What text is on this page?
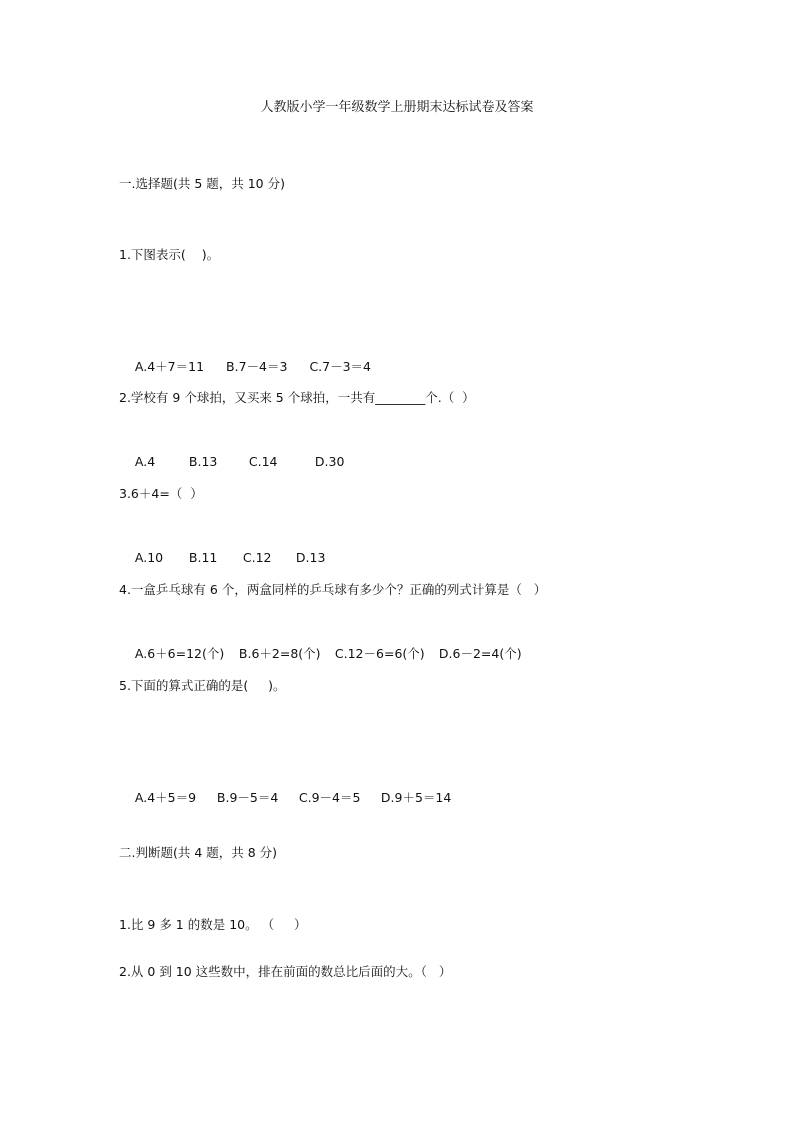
人教版小学一年级数学上册期末达标试卷及答案
一.选择题(共 5 题，共 10 分)
1.下图表示(    )。

A.4＋7＝11 B.7－4＝3 C.7－3＝4

2.学校有 9 个球拍，又买来 5 个球拍，一共有________个.（  ）

A.4	B.13	C.14	D.30

3.6＋4=（  ）

A.10 B.11 C.12 D.13

4.一盒乒乓球有 6 个，两盒同样的乒乓球有多少个？正确的列式计算是（   ）

A.6＋6=12(个) B.6＋2=8(个) C.12－6=6(个) D.6－2=4(个)

5.下面的算式正确的是(     )。

A.4＋5＝9 B.9－5＝4 C.9－4＝5 D.9＋5＝14

二.判断题(共 4 题，共 8 分)
1.比 9 多 1 的数是 10。 （     ）
2.从 0 到 10 这些数中，排在前面的数总比后面的大。（   ）
